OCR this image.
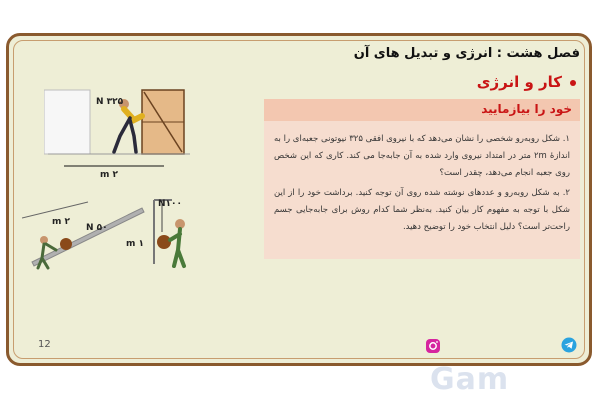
فصل هشت : انرژی و تبدیل های آن
کار و انرژی
N ۳۲۵
m ۲
m ۲
N ۵۰
N۱۰۰
m ۱
خود را بیازمایید
۱. شکل روبه‌رو شخصی را نشان می‌دهد که با نیروی افقی ۳۲۵ نیوتونی جعبه‌ای را به اندازهٔ ۲m متر در امتداد نیروی وارد شده به آن جابه‌جا می کند. کاری که این شخص روی جعبه انجام می‌دهد، چقدر است؟
۲. به شکل روبه‌رو و عددهای نوشته شده روی آن توجه کنید. برداشت خود را از این شکل با توجه به مفهوم کار بیان کنید. به‌نظر شما کدام روش برای جابه‌جایی جسم راحت‌تر است؟ دلیل انتخاب خود را توضیح دهید.
12
Gam
